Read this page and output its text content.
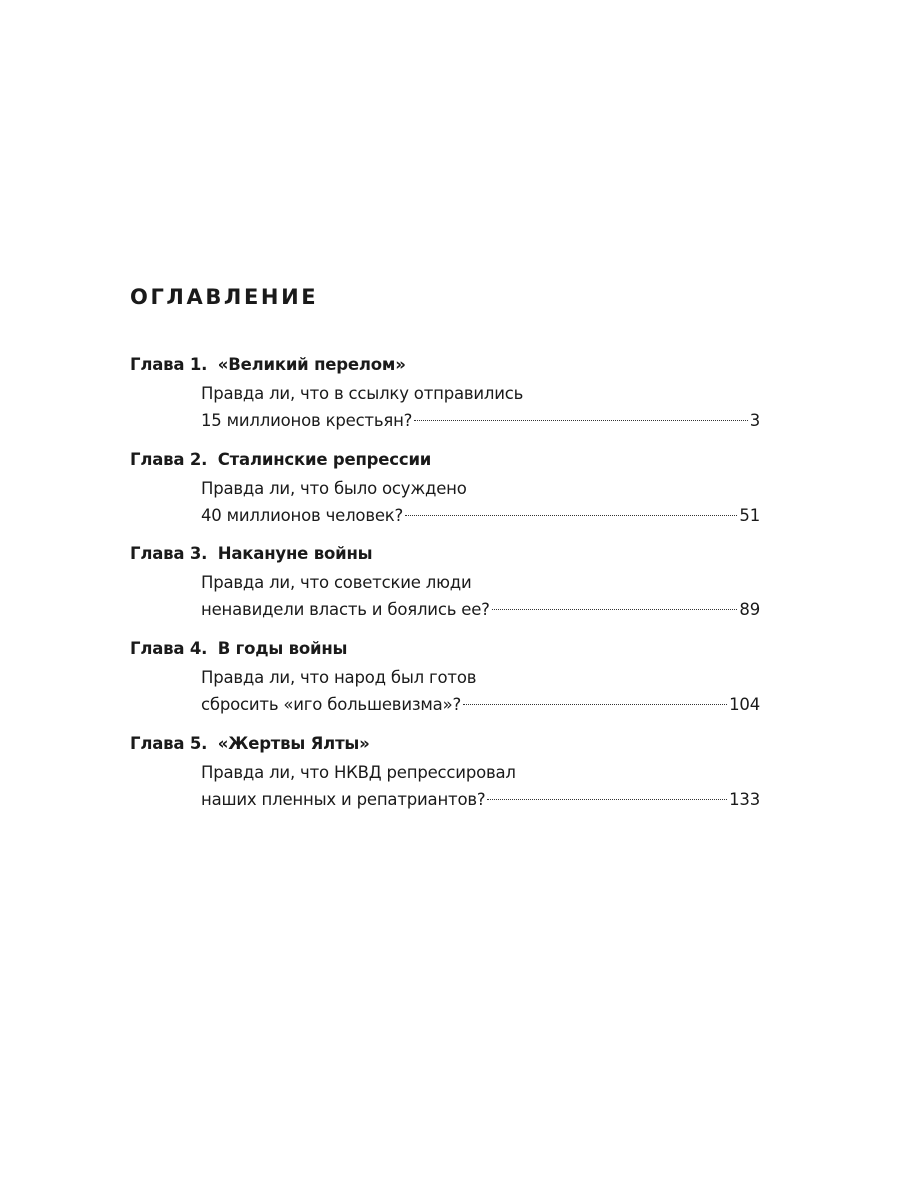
ОГЛАВЛЕНИЕ
Глава 1. «Великий перелом»
Правда ли, что в ссылку отправились
15 миллионов крестьян?	3
Глава 2. Сталинские репрессии
Правда ли, что было осуждено
40 миллионов человек?	51
Глава 3. Накануне войны
Правда ли, что советские люди
ненавидели власть и боялись ее?	89
Глава 4. В годы войны
Правда ли, что народ был готов
сбросить «иго большевизма»?	104
Глава 5. «Жертвы Ялты»
Правда ли, что НКВД репрессировал
наших пленных и репатриантов?	133
